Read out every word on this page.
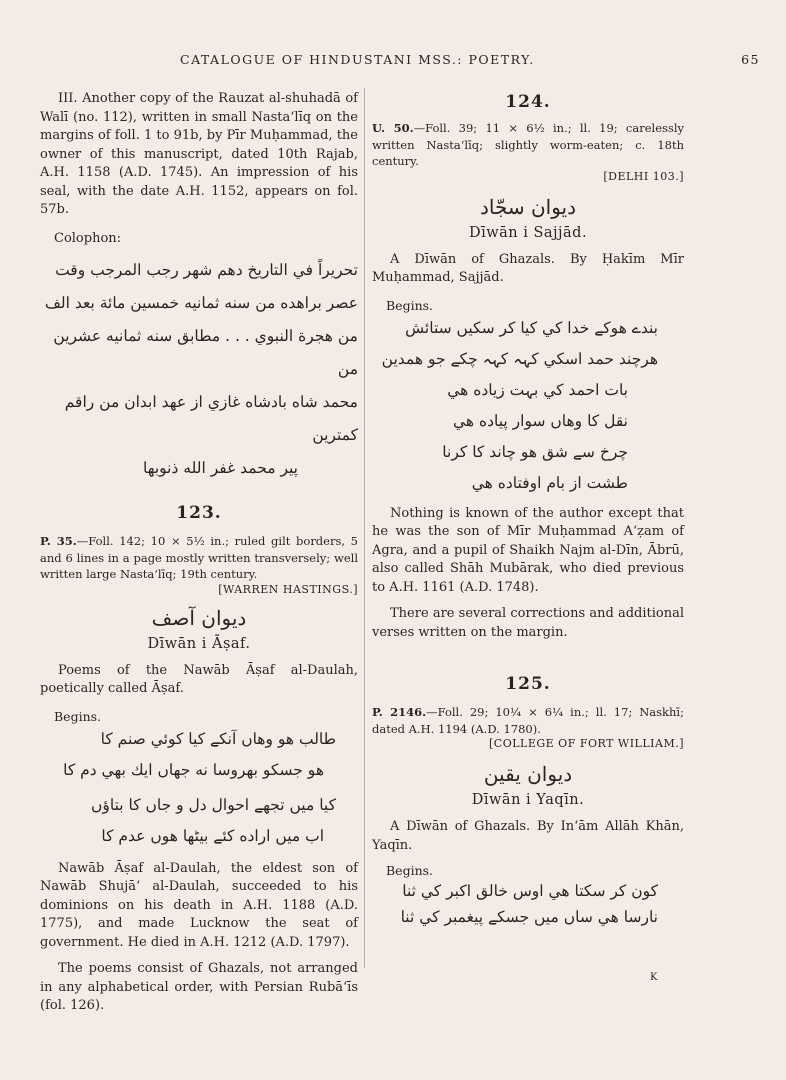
CATALOGUE OF HINDUSTANI MSS.: POETRY.	65

III. Another copy of the Rauzat al-shuhadā of Walī (no. 112), written in small Nasta‘līq on the margins of foll. 1 to 91b, by Pīr Muḥammad, the owner of this manuscript, dated 10th Rajab, A.H. 1158 (A.D. 1745). An impression of his seal, with the date A.H. 1152, appears on fol. 57b.

Colophon:

تحريراً في التاريخ دهم شهر رجب المرجب وقت

عصر براهده من سنه ثمانيه خمسين مائة بعد الف

من هجرة النبوي . . . مطابق سنه ثمانيه عشرين من

محمد شاه بادشاه غازي از عهد ابدان من راقم كمترين

پير محمد غفر الله ذنوبها

123.

P. 35.—Foll. 142; 10 × 5½ in.; ruled gilt borders, 5 and 6 lines in a page mostly written transversely; well written large Nasta‘līq; 19th century.

[WARREN HASTINGS.]

ديوان آصف

Dīwān i Āṣaf.

Poems of the Nawāb Āṣaf al-Daulah, poetically called Āṣaf.

Begins.

طالب هو وهاں آنكے كيا كوئي صنم كا

هو جسكو بهروسا نه جهاں ايك بهي دم كا

كيا ميں تجهے احوال دل و جاں كا بتاؤں

اب ميں اراده كئے بيٹها هوں عدم كا

Nawāb Āṣaf al-Daulah, the eldest son of Nawāb Shujā‘ al-Daulah, succeeded to his dominions on his death in A.H. 1188 (A.D. 1775), and made Lucknow the seat of government. He died in A.H. 1212 (A.D. 1797).

The poems consist of Ghazals, not arranged in any alphabetical order, with Persian Rubā‘īs (fol. 126).

124.

U. 50.—Foll. 39; 11 × 6½ in.; ll. 19; carelessly written Nasta‘līq; slightly worm-eaten; c. 18th century.

[DELHI 103.]

ديوان سجّاد

Dīwān i Sajjād.

A Dīwān of Ghazals. By Ḥakīm Mīr Muḥammad, Sajjād.

Begins.

بندے هوكے خدا كي كيا كر سكيں ستائش

هرچند حمد اسكي كہہ كہہ چكے جو همدين

بات احمد كي بہت زياده هي

نقل كا وهاں سوار پياده هي

چرخ سے شق هو چاند كا كرنا

طشت از بام اوفتاده هي

Nothing is known of the author except that he was the son of Mīr Muḥammad A‘ẓam of Agra, and a pupil of Shaikh Najm al-Dīn, Ābrū, also called Shāh Mubārak, who died previous to A.H. 1161 (A.D. 1748).

There are several corrections and additional verses written on the margin.

125.

P. 2146.—Foll. 29; 10¼ × 6¼ in.; ll. 17; Naskhī; dated A.H. 1194 (A.D. 1780).

[COLLEGE OF FORT WILLIAM.]

ديوان يقين

Dīwān i Yaqīn.

A Dīwān of Ghazals. By In‘ām Allāh Khān, Yaqīn.

Begins.

كون كر سكتا هي اوس خالق اكبر كي ثنا

نارسا هي ساں ميں جسكے پيغمبر كي ثنا

K
